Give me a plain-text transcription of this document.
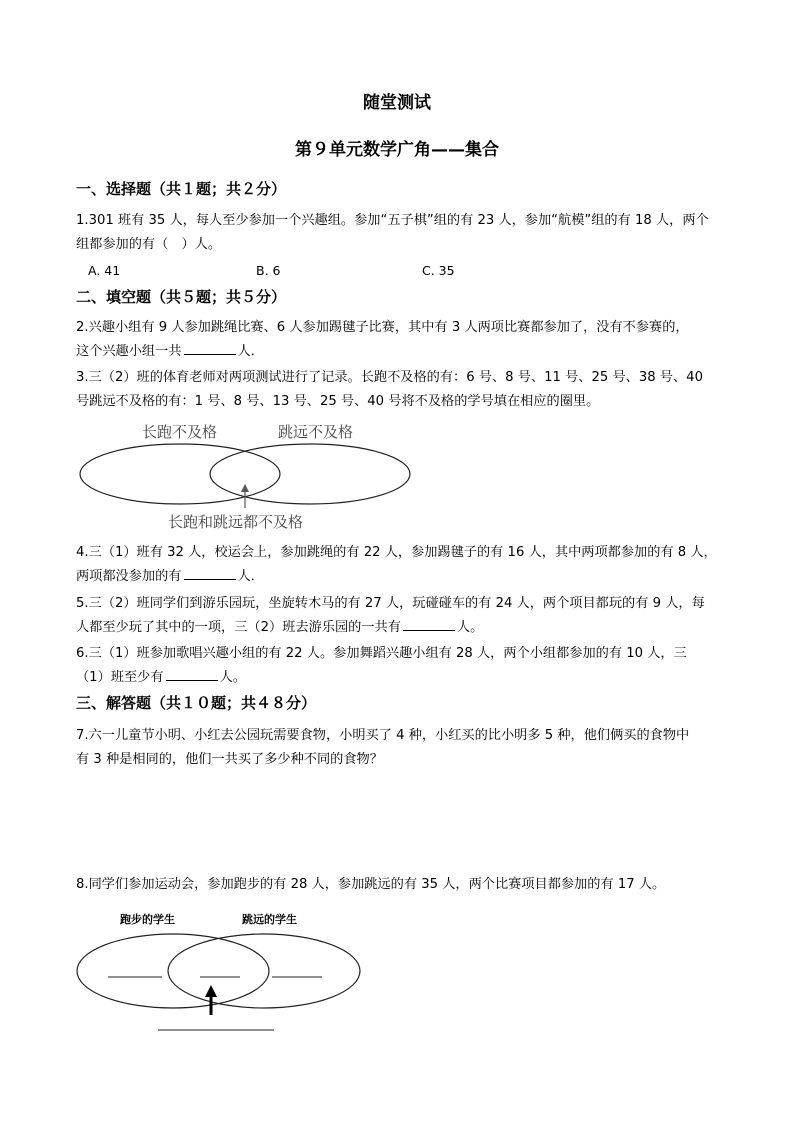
随堂测试
第９单元数学广角——集合
一、选择题（共１题；共２分）
1.301 班有 35 人，每人至少参加一个兴趣组。参加“五子棋”组的有 23 人，参加“航模”组的有 18 人，两个
组都参加的有（　）人。
A. 41	B. 6	C. 35
二、填空题（共５题；共５分）
2.兴趣小组有 9 人参加跳绳比赛、6 人参加踢毽子比赛，其中有 3 人两项比赛都参加了，没有不参赛的，
这个兴趣小组一共	人．
3.三（2）班的体育老师对两项测试进行了记录。长跑不及格的有：6 号、8 号、11 号、25 号、38 号、40
号跳远不及格的有：1 号、8 号、13 号、25 号、40 号将不及格的学号填在相应的圈里。
长跑不及格	跳远不及格
长跑和跳远都不及格
4.三（1）班有 32 人，校运会上，参加跳绳的有 22 人，参加踢毽子的有 16 人，其中两项都参加的有 8 人，
两项都没参加的有	人．
5.三（2）班同学们到游乐园玩，坐旋转木马的有 27 人，玩碰碰车的有 24 人，两个项目都玩的有 9 人，每
人都至少玩了其中的一项，三（2）班去游乐园的一共有	人。
6.三（1）班参加歌唱兴趣小组的有 22 人。参加舞蹈兴趣小组有 28 人，两个小组都参加的有 10 人，三
（1）班至少有	人。
三、解答题（共１０题；共４８分）
7.六一儿童节小明、小红去公园玩需要食物，小明买了 4 种，小红买的比小明多 5 种，他们俩买的食物中
有 3 种是相同的，他们一共买了多少种不同的食物？
8.同学们参加运动会，参加跑步的有 28 人，参加跳远的有 35 人，两个比赛项目都参加的有 17 人。
跑步的学生	跳远的学生
